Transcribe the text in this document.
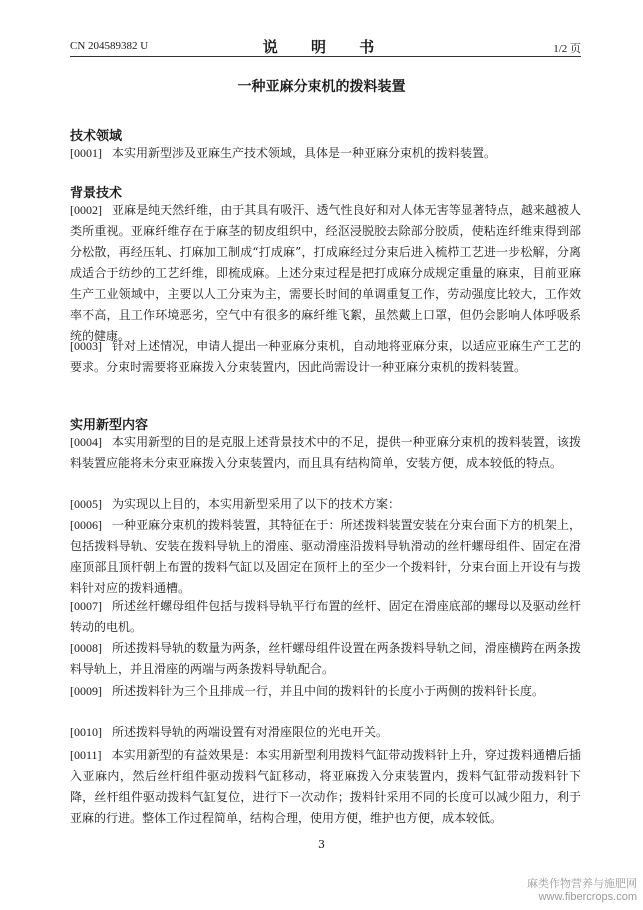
CN 204589382 U	说 明 书	1/2 页
一种亚麻分束机的拨料装置
技术领域

[0001] 本实用新型涉及亚麻生产技术领域，具体是一种亚麻分束机的拨料装置。

背景技术

[0002] 亚麻是纯天然纤维，由于其具有吸汗、透气性良好和对人体无害等显著特点，越来越被人类所重视。亚麻纤维存在于麻茎的韧皮组织中，经沤浸脱胶去除部分胶质，使粘连纤维束得到部分松散，再经压轧、打麻加工制成“打成麻”，打成麻经过分束后进入梳栉工艺进一步松解，分离成适合于纺纱的工艺纤维，即梳成麻。上述分束过程是把打成麻分成规定重量的麻束，目前亚麻生产工业领域中，主要以人工分束为主，需要长时间的单调重复工作，劳动强度比较大，工作效率不高，且工作环境恶劣，空气中有很多的麻纤维飞絮，虽然戴上口罩，但仍会影响人体呼吸系统的健康。

[0003] 针对上述情况，申请人提出一种亚麻分束机，自动地将亚麻分束，以适应亚麻生产工艺的要求。分束时需要将亚麻拨入分束装置内，因此尚需设计一种亚麻分束机的拨料装置。

实用新型内容

[0004] 本实用新型的目的是克服上述背景技术中的不足，提供一种亚麻分束机的拨料装置，该拨料装置应能将未分束亚麻拨入分束装置内，而且具有结构简单，安装方便，成本较低的特点。

[0005] 为实现以上目的，本实用新型采用了以下的技术方案：

[0006] 一种亚麻分束机的拨料装置，其特征在于：所述拨料装置安装在分束台面下方的机架上，包括拨料导轨、安装在拨料导轨上的滑座、驱动滑座沿拨料导轨滑动的丝杆螺母组件、固定在滑座顶部且顶杆朝上布置的拨料气缸以及固定在顶杆上的至少一个拨料针，分束台面上开设有与拨料针对应的拨料通槽。

[0007] 所述丝杆螺母组件包括与拨料导轨平行布置的丝杆、固定在滑座底部的螺母以及驱动丝杆转动的电机。

[0008] 所述拨料导轨的数量为两条，丝杆螺母组件设置在两条拨料导轨之间，滑座横跨在两条拨料导轨上，并且滑座的两端与两条拨料导轨配合。

[0009] 所述拨料针为三个且排成一行，并且中间的拨料针的长度小于两侧的拨料针长度。

[0010] 所述拨料导轨的两端设置有对滑座限位的光电开关。

[0011] 本实用新型的有益效果是：本实用新型利用拨料气缸带动拨料针上升，穿过拨料通槽后插入亚麻内，然后丝杆组件驱动拨料气缸移动，将亚麻拨入分束装置内，拨料气缸带动拨料针下降，丝杆组件驱动拨料气缸复位，进行下一次动作；拨料针采用不同的长度可以减少阻力，利于亚麻的行进。整体工作过程简单，结构合理，使用方便，维护也方便，成本较低。

3
麻类作物营养与施肥网
www.fibercrops.com
